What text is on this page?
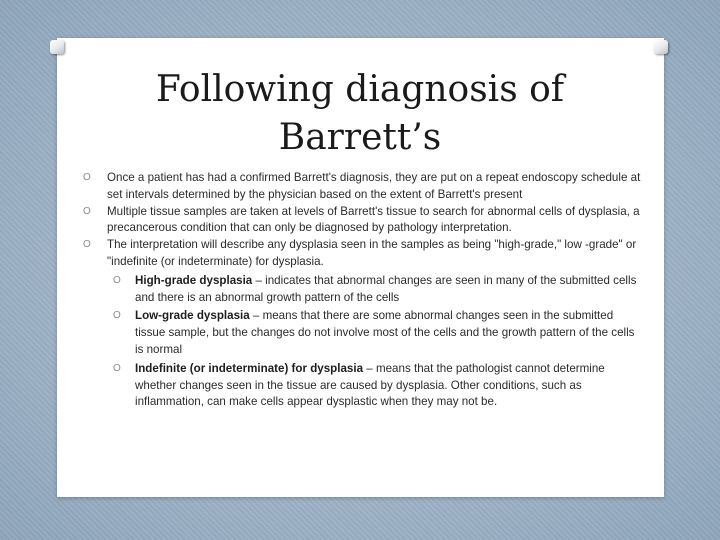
Following diagnosis of
Barrett’s
O Once a patient has had a confirmed Barrett's diagnosis, they are put on a repeat endoscopy schedule at set intervals determined by the physician based on the extent of Barrett's present
O Multiple tissue samples are taken at levels of Barrett's tissue to search for abnormal cells of dysplasia, a precancerous condition that can only be diagnosed by pathology interpretation.
O The interpretation will describe any dysplasia seen in the samples as being "high-grade," low -grade" or "indefinite (or indeterminate) for dysplasia.
O High-grade dysplasia – indicates that abnormal changes are seen in many of the submitted cells and there is an abnormal growth pattern of the cells
O Low-grade dysplasia – means that there are some abnormal changes seen in the submitted tissue sample, but the changes do not involve most of the cells and the growth pattern of the cells is normal
O Indefinite (or indeterminate) for dysplasia – means that the pathologist cannot determine whether changes seen in the tissue are caused by dysplasia. Other conditions, such as inflammation, can make cells appear dysplastic when they may not be.
